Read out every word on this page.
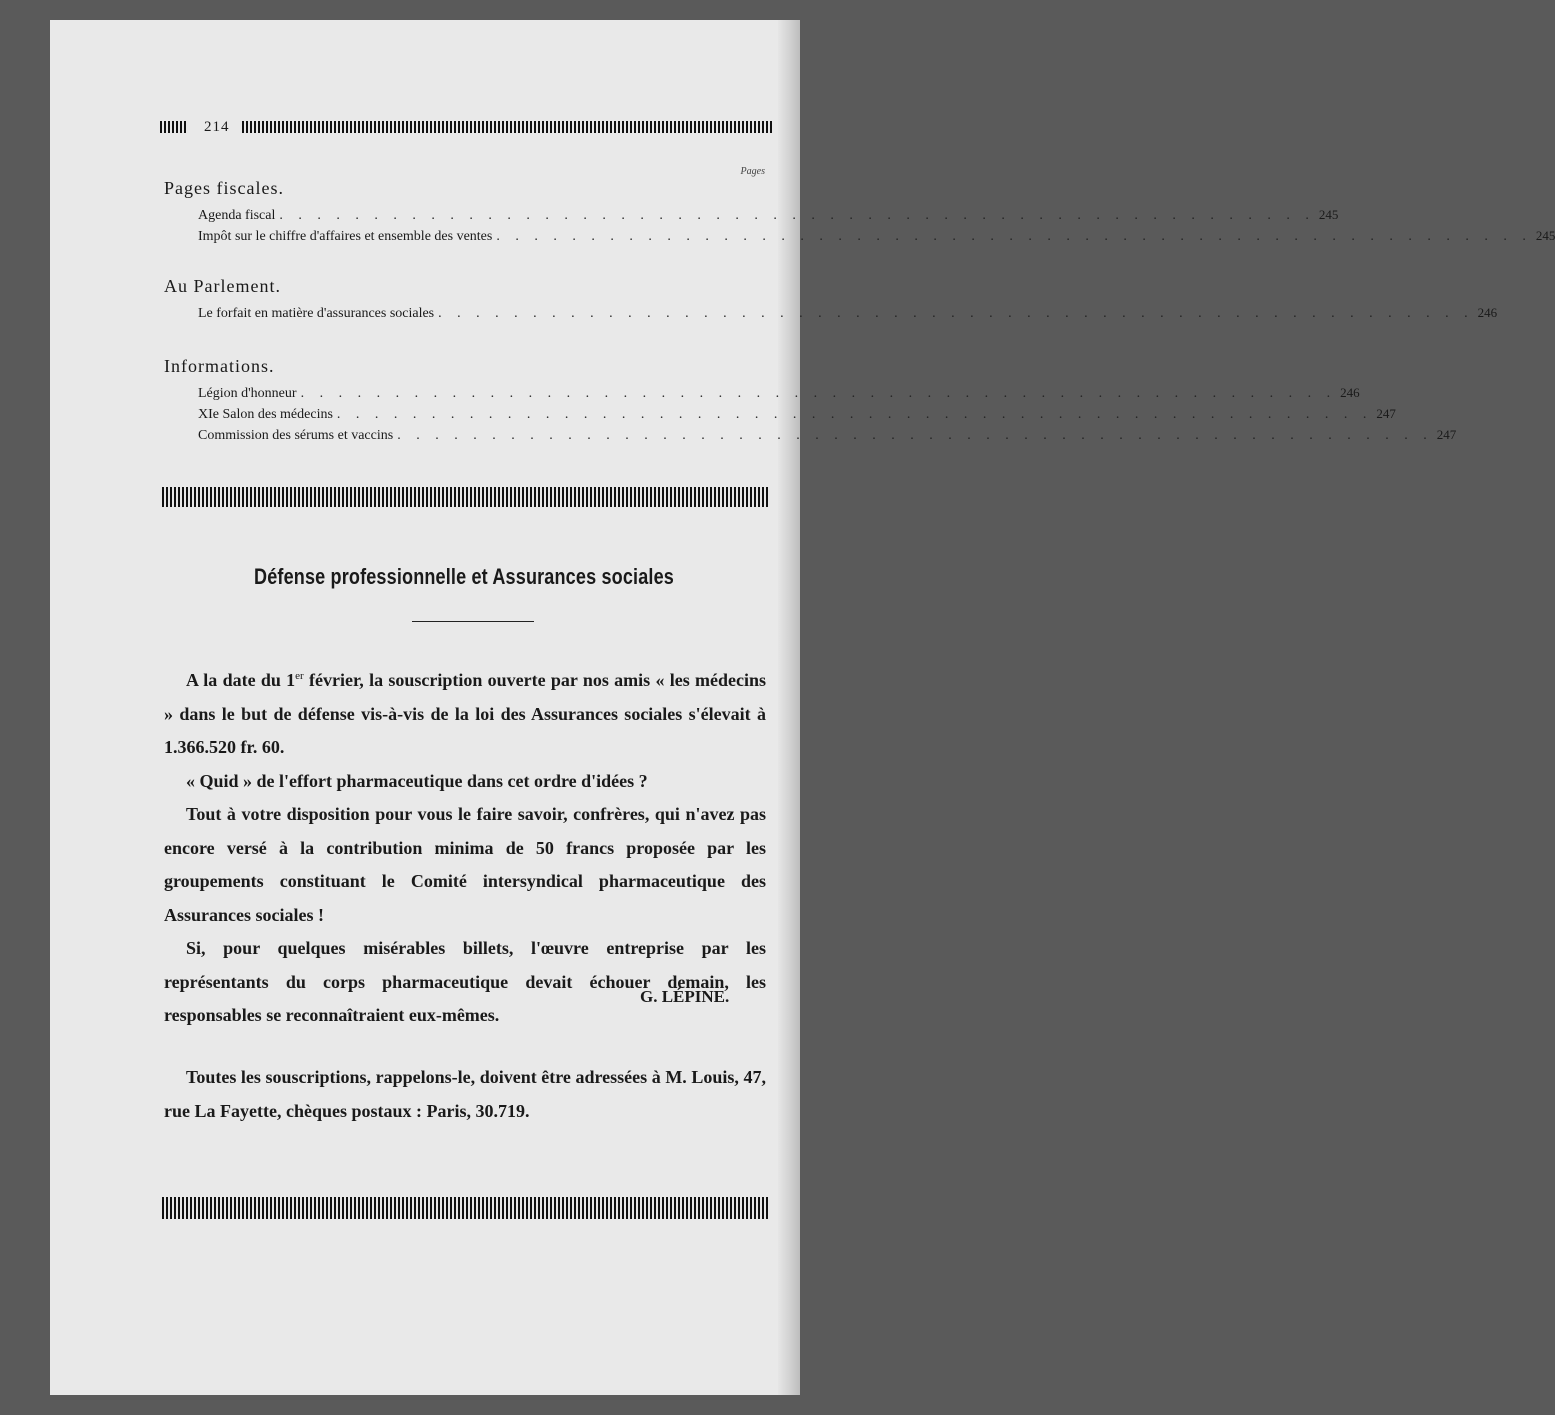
214
Pages
Pages fiscales.
Agenda fiscal . . . . . . . . . . . . . . . . . . . . . . . . . . . . . . . . . . . . . . . . . . . . . . . . . . . . . . . 245
Impôt sur le chiffre d'affaires et ensemble des ventes . . . . . . . . . . . . . . . . . . . . . . . . . . . . . . . . . . . . . . . . . . . . . . . . . . . . . . . 245
Au Parlement.
Le forfait en matière d'assurances sociales . . . . . . . . . . . . . . . . . . . . . . . . . . . . . . . . . . . . . . . . . . . . . . . . . . . . . . . 246
Informations.
Légion d'honneur . . . . . . . . . . . . . . . . . . . . . . . . . . . . . . . . . . . . . . . . . . . . . . . . . . . . . . . 246
XIe Salon des médecins . . . . . . . . . . . . . . . . . . . . . . . . . . . . . . . . . . . . . . . . . . . . . . . . . . . . . . . 247
Commission des sérums et vaccins . . . . . . . . . . . . . . . . . . . . . . . . . . . . . . . . . . . . . . . . . . . . . . . . . . . . . . . 247
Défense professionnelle et Assurances sociales

A la date du 1er février, la souscription ouverte par nos amis « les médecins » dans le but de défense vis-à-vis de la loi des Assurances sociales s'élevait à 1.366.520 fr. 60.

« Quid » de l'effort pharmaceutique dans cet ordre d'idées ?

Tout à votre disposition pour vous le faire savoir, confrères, qui n'avez pas encore versé à la contribution minima de 50 francs proposée par les groupements constituant le Comité intersyndical pharmaceutique des Assurances sociales !

Si, pour quelques misérables billets, l'œuvre entreprise par les représentants du corps pharmaceutique devait échouer demain, les responsables se reconnaîtraient eux-mêmes.

G. LÉPINE.

Toutes les souscriptions, rappelons-le, doivent être adressées à M. Louis, 47, rue La Fayette, chèques postaux : Paris, 30.719.
